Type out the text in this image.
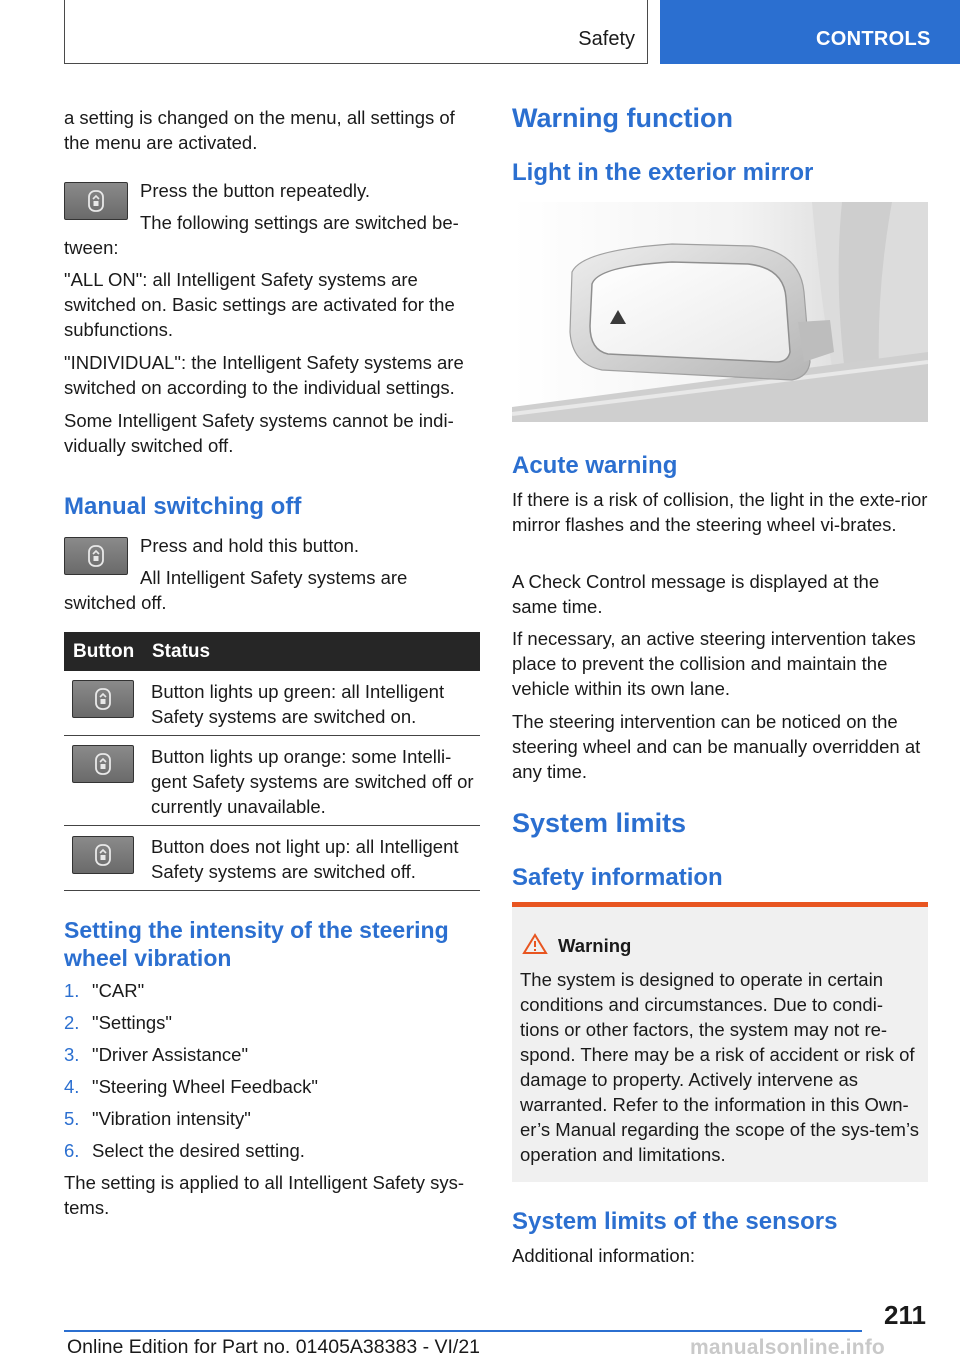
Safety	CONTROLS

a setting is changed on the menu, all settings of the menu are activated.

Press the button repeatedly.

The following settings are switched be-tween:

"ALL ON": all Intelligent Safety systems are switched on. Basic settings are activated for the subfunctions.

"INDIVIDUAL": the Intelligent Safety systems are switched on according to the individual settings.

Some Intelligent Safety systems cannot be indi-vidually switched off.

Manual switching off

Press and hold this button.

All Intelligent Safety systems are switched off.

Button Status
Button lights up green: all Intelligent Safety systems are switched on.
Button lights up orange: some Intelli-gent Safety systems are switched off or currently unavailable.
Button does not light up: all Intelligent Safety systems are switched off.
Setting the intensity of the steering wheel vibration
1. "CAR"
2. "Settings"
3. "Driver Assistance"
4. "Steering Wheel Feedback"
5. "Vibration intensity"
6. Select the desired setting.

The setting is applied to all Intelligent Safety sys-tems.

Warning function
Light in the exterior mirror
Acute warning

If there is a risk of collision, the light in the exte-rior mirror flashes and the steering wheel vi-brates.

A Check Control message is displayed at the same time.

If necessary, an active steering intervention takes place to prevent the collision and maintain the vehicle within its own lane.

The steering intervention can be noticed on the steering wheel and can be manually overridden at any time.

System limits
Safety information
Warning
The system is designed to operate in certain conditions and circumstances. Due to condi-tions or other factors, the system may not re-spond. There may be a risk of accident or risk of damage to property. Actively intervene as warranted. Refer to the information in this Own-er’s Manual regarding the scope of the sys-tem’s operation and limitations.
System limits of the sensors

Additional information:

211
Online Edition for Part no. 01405A38383 - VI/21	manualsonline.info
